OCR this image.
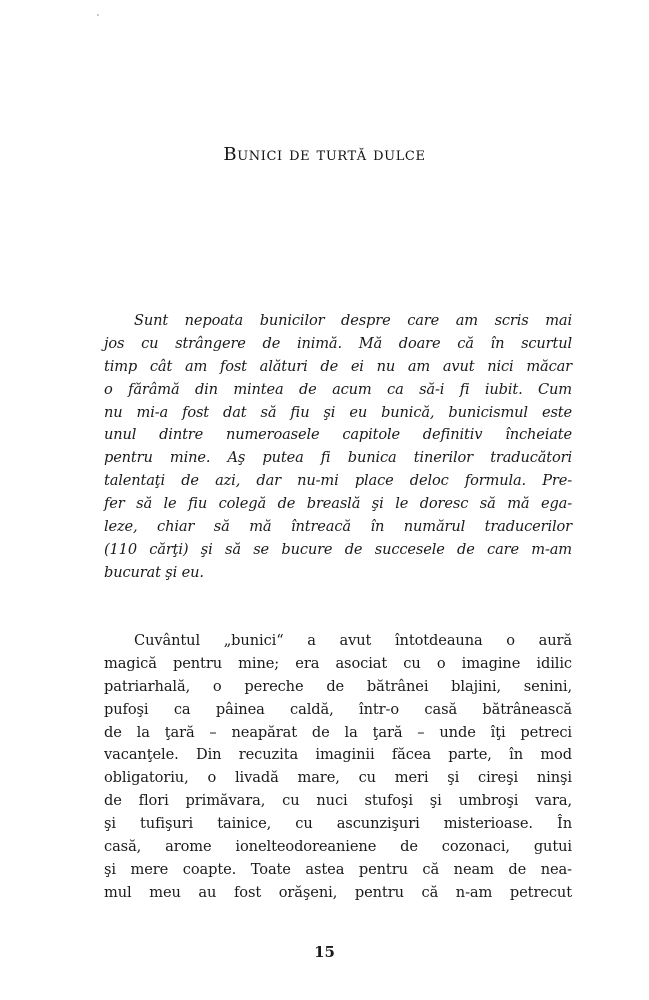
Bunici de turtă dulce
Sunt nepoata bunicilor despre care am scris mai
jos cu strângere de inimă. Mă doare că în scurtul
timp cât am fost alături de ei nu am avut nici măcar
o fărâmă din mintea de acum ca să-i fi iubit. Cum
nu mi-a fost dat să fiu şi eu bunică, bunicismul este
unul dintre numeroasele capitole definitiv încheiate
pentru mine. Aş putea fi bunica tinerilor traducători
talentaţi de azi, dar nu-mi place deloc formula. Pre-
fer să le fiu colegă de breaslă şi le doresc să mă ega-
leze, chiar să mă întreacă în numărul traducerilor
(110 cărţi) şi să se bucure de succesele de care m-am
bucurat şi eu.
Cuvântul „bunici“ a avut întotdeauna o aură
magică pentru mine; era asociat cu o imagine idilic
patriarhală, o pereche de bătrânei blajini, senini,
pufoşi ca pâinea caldă, într-o casă bătrânească
de la ţară – neapărat de la ţară – unde îţi petreci
vacanţele. Din recuzita imaginii făcea parte, în mod
obligatoriu, o livadă mare, cu meri şi cireşi ninşi
de flori primăvara, cu nuci stufoşi şi umbroşi vara,
şi tufişuri tainice, cu ascunzişuri misterioase. În
casă, arome ionelteodoreaniene de cozonaci, gutui
şi mere coapte. Toate astea pentru că neam de nea-
mul meu au fost orăşeni, pentru că n-am petrecut
15
